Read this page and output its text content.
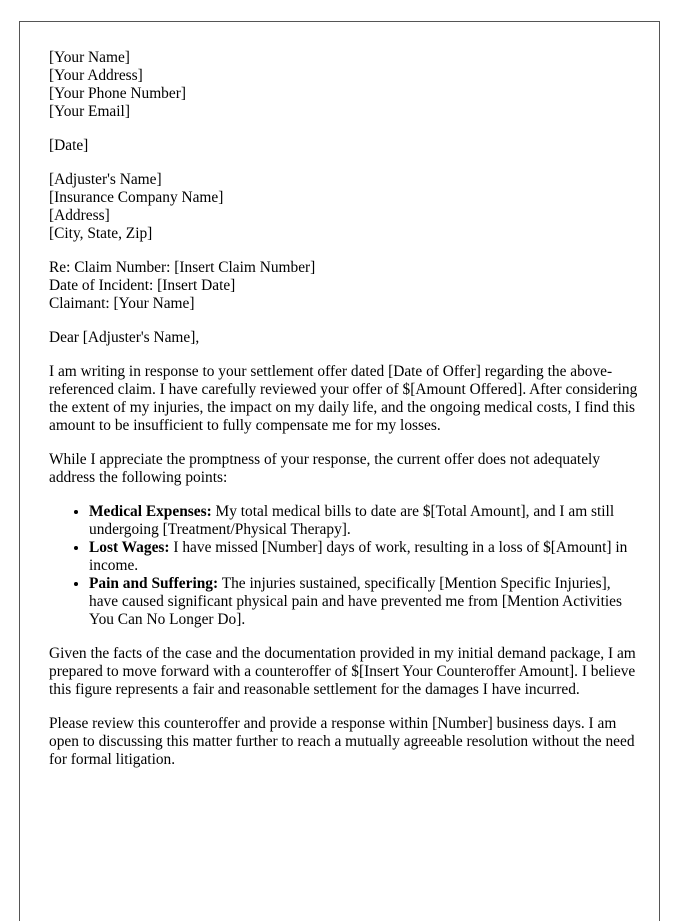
[Your Name]
[Your Address]
[Your Phone Number]
[Your Email]
[Date]
[Adjuster's Name]
[Insurance Company Name]
[Address]
[City, State, Zip]
Re: Claim Number: [Insert Claim Number]
Date of Incident: [Insert Date]
Claimant: [Your Name]

Dear [Adjuster's Name],

I am writing in response to your settlement offer dated [Date of Offer] regarding the above-referenced claim. I have carefully reviewed your offer of $[Amount Offered]. After considering the extent of my injuries, the impact on my daily life, and the ongoing medical costs, I find this amount to be insufficient to fully compensate me for my losses.

While I appreciate the promptness of your response, the current offer does not adequately address the following points:

• Medical Expenses: My total medical bills to date are $[Total Amount], and I am still undergoing [Treatment/Physical Therapy].
• Lost Wages: I have missed [Number] days of work, resulting in a loss of $[Amount] in income.
• Pain and Suffering: The injuries sustained, specifically [Mention Specific Injuries], have caused significant physical pain and have prevented me from [Mention Activities You Can No Longer Do].

Given the facts of the case and the documentation provided in my initial demand package, I am prepared to move forward with a counteroffer of $[Insert Your Counteroffer Amount]. I believe this figure represents a fair and reasonable settlement for the damages I have incurred.

Please review this counteroffer and provide a response within [Number] business days. I am open to discussing this matter further to reach a mutually agreeable resolution without the need for formal litigation.
